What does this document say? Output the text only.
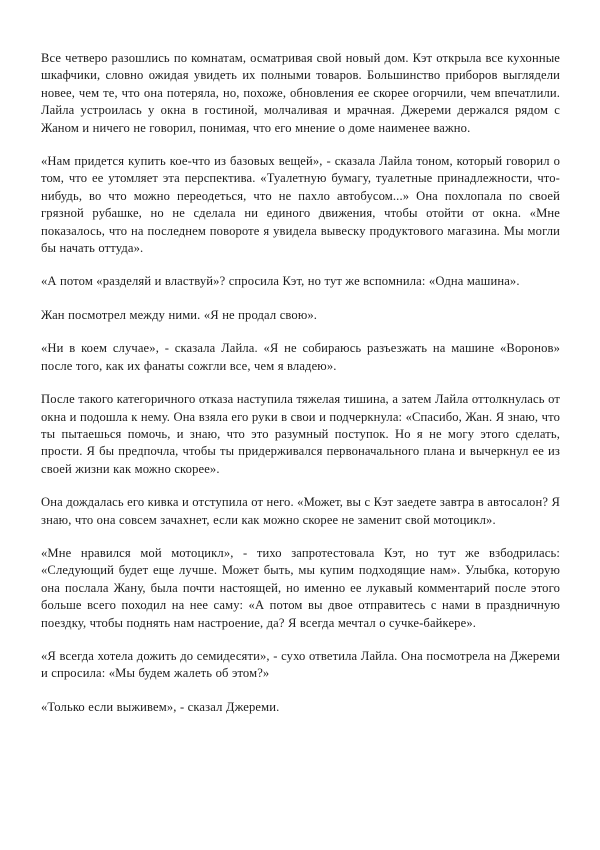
Все четверо разошлись по комнатам, осматривая свой новый дом. Кэт открыла все кухонные шкафчики, словно ожидая увидеть их полными товаров. Большинство приборов выглядели новее, чем те, что она потеряла, но, похоже, обновления ее скорее огорчили, чем впечатлили. Лайла устроилась у окна в гостиной, молчаливая и мрачная. Джереми держался рядом с Жаном и ничего не говорил, понимая, что его мнение о доме наименее важно.

«Нам придется купить кое-что из базовых вещей», - сказала Лайла тоном, который говорил о том, что ее утомляет эта перспектива. «Туалетную бумагу, туалетные принадлежности, что-нибудь, во что можно переодеться, что не пахло автобусом...» Она похлопала по своей грязной рубашке, но не сделала ни единого движения, чтобы отойти от окна. «Мне показалось, что на последнем повороте я увидела вывеску продуктового магазина. Мы могли бы начать оттуда».

«А потом «разделяй и властвуй»? спросила Кэт, но тут же вспомнила: «Одна машина».

Жан посмотрел между ними. «Я не продал свою».

«Ни в коем случае», - сказала Лайла. «Я не собираюсь разъезжать на машине «Воронов» после того, как их фанаты сожгли все, чем я владею».

После такого категоричного отказа наступила тяжелая тишина, а затем Лайла оттолкнулась от окна и подошла к нему. Она взяла его руки в свои и подчеркнула: «Спасибо, Жан. Я знаю, что ты пытаешься помочь, и знаю, что это разумный поступок. Но я не могу этого сделать, прости. Я бы предпочла, чтобы ты придерживался первоначального плана и вычеркнул ее из своей жизни как можно скорее».

Она дождалась его кивка и отступила от него. «Может, вы с Кэт заедете завтра в автосалон? Я знаю, что она совсем зачахнет, если как можно скорее не заменит свой мотоцикл».

«Мне нравился мой мотоцикл», - тихо запротестовала Кэт, но тут же взбодрилась: «Следующий будет еще лучше. Может быть, мы купим подходящие нам». Улыбка, которую она послала Жану, была почти настоящей, но именно ее лукавый комментарий после этого больше всего походил на нее саму: «А потом вы двое отправитесь с нами в праздничную поездку, чтобы поднять нам настроение, да? Я всегда мечтал о сучке-байкере».

«Я всегда хотела дожить до семидесяти», - сухо ответила Лайла. Она посмотрела на Джереми и спросила: «Мы будем жалеть об этом?»

«Только если выживем», - сказал Джереми.
